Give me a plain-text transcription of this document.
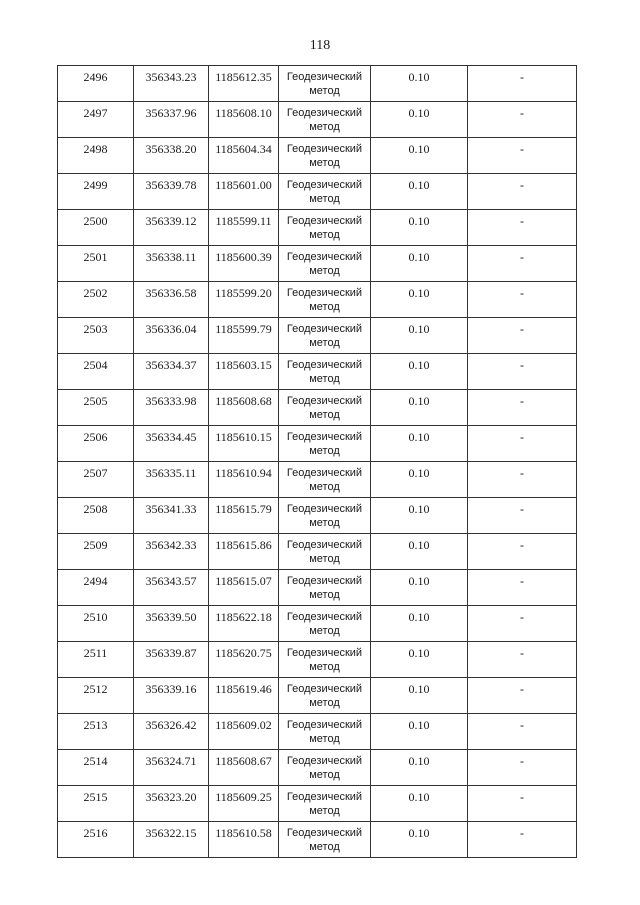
118
2496	356343.23	1185612.35	Геодезический метод	0.10	-
2497	356337.96	1185608.10	Геодезический метод	0.10	-
2498	356338.20	1185604.34	Геодезический метод	0.10	-
2499	356339.78	1185601.00	Геодезический метод	0.10	-
2500	356339.12	1185599.11	Геодезический метод	0.10	-
2501	356338.11	1185600.39	Геодезический метод	0.10	-
2502	356336.58	1185599.20	Геодезический метод	0.10	-
2503	356336.04	1185599.79	Геодезический метод	0.10	-
2504	356334.37	1185603.15	Геодезический метод	0.10	-
2505	356333.98	1185608.68	Геодезический метод	0.10	-
2506	356334.45	1185610.15	Геодезический метод	0.10	-
2507	356335.11	1185610.94	Геодезический метод	0.10	-
2508	356341.33	1185615.79	Геодезический метод	0.10	-
2509	356342.33	1185615.86	Геодезический метод	0.10	-
2494	356343.57	1185615.07	Геодезический метод	0.10	-
2510	356339.50	1185622.18	Геодезический метод	0.10	-
2511	356339.87	1185620.75	Геодезический метод	0.10	-
2512	356339.16	1185619.46	Геодезический метод	0.10	-
2513	356326.42	1185609.02	Геодезический метод	0.10	-
2514	356324.71	1185608.67	Геодезический метод	0.10	-
2515	356323.20	1185609.25	Геодезический метод	0.10	-
2516	356322.15	1185610.58	Геодезический метод	0.10	-
